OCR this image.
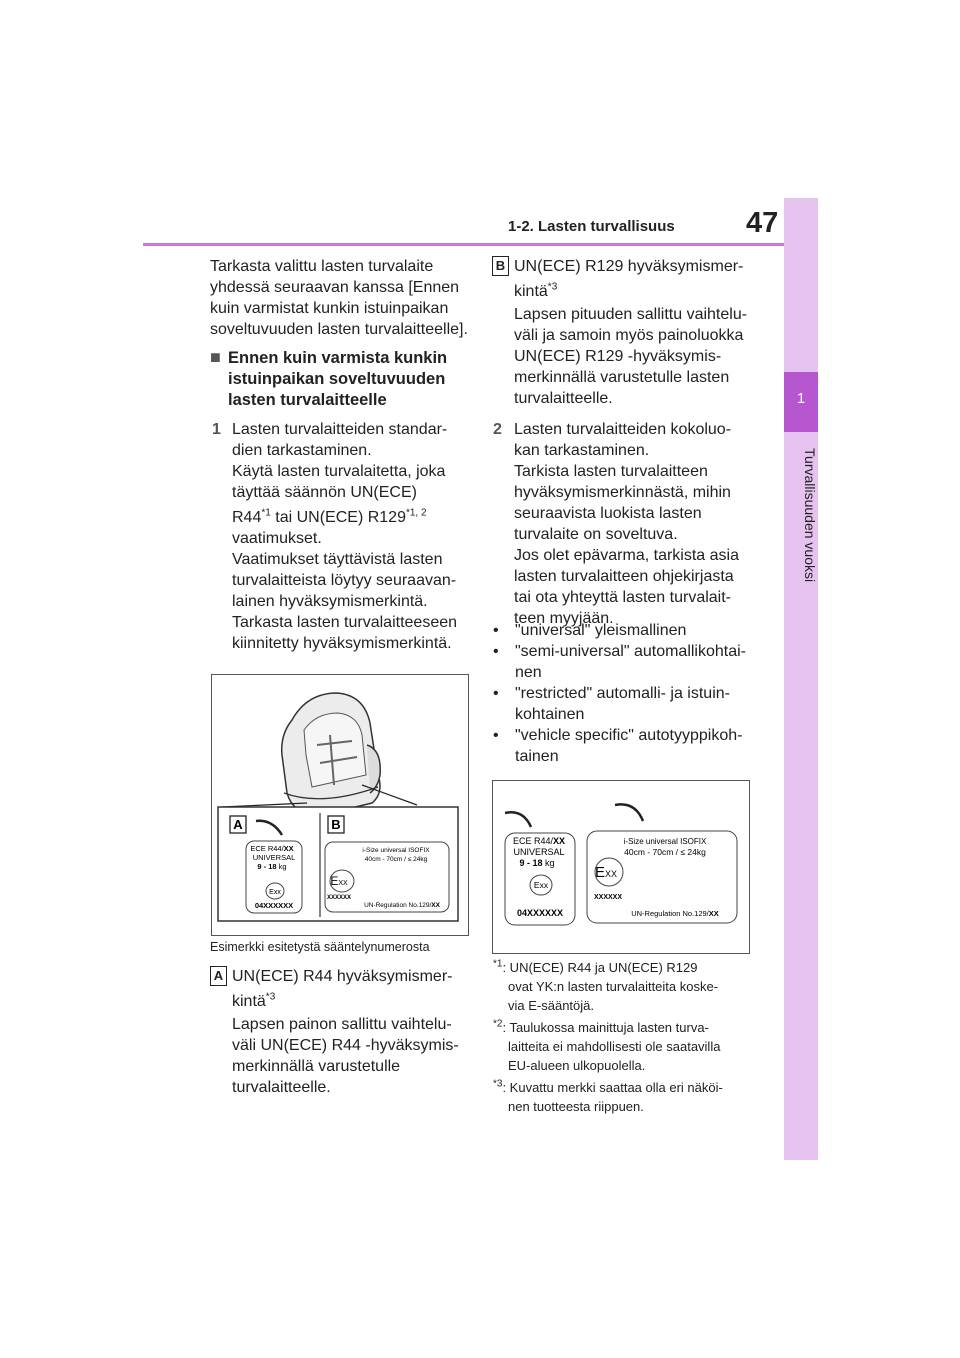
1-2. Lasten turvallisuus 47
1
Turvallisuuden vuoksi
Tarkasta valittu lasten turvalaite
yhdessä seuraavan kanssa [Ennen
kuin varmistat kunkin istuinpaikan
soveltuvuuden lasten turvalaitteelle].
■ Ennen kuin varmista kunkin
istuinpaikan soveltuvuuden
lasten turvalaitteelle
1 Lasten turvalaitteiden standar-
dien tarkastaminen.
Käytä lasten turvalaitetta, joka
täyttää säännön UN(ECE)
R44$^{*1}$ tai UN(ECE) R129$^{*1, 2}$
vaatimukset.
Vaatimukset täyttävistä lasten
turvalaitteista löytyy seuraavan-
lainen hyväksymismerkintä.
Tarkasta lasten turvalaitteeseen
kiinnitetty hyväksymismerkintä.
A	B
ECE R44/XX
UNIVERSAL
9 - 18 kg
Exx
04XXXXXX
i-Size universal ISOFIX
40cm - 70cm / ≤ 24kg
EXX
XXXXXX
UN-Regulation No.129/XX
Esimerkki esitetystä sääntelynumerosta
A UN(ECE) R44 hyväksymismer-
kintä$^{*3}$
Lapsen painon sallittu vaihtelu-
väli UN(ECE) R44 -hyväksymis-
merkinnällä varustetulle
turvalaitteelle.
B UN(ECE) R129 hyväksymismer-
kintä$^{*3}$
Lapsen pituuden sallittu vaihtelu-
väli ja samoin myös painoluokka
UN(ECE) R129 -hyväksymis-
merkinnällä varustetulle lasten
turvalaitteelle.
2 Lasten turvalaitteiden kokoluo-
kan tarkastaminen.
Tarkista lasten turvalaitteen
hyväksymismerkinnästä, mihin
seuraavista luokista lasten
turvalaite on soveltuva.
Jos olet epävarma, tarkista asia
lasten turvalaitteen ohjekirjasta
tai ota yhteyttä lasten turvalait-
teen myyjään.
•	"universal" yleismallinen
•	"semi-universal" automallikohtai-
nen
•	"restricted" automalli- ja istuin-
kohtainen
•	"vehicle specific" autotyyppikoh-
tainen
ECE R44/XX
UNIVERSAL
9 - 18 kg
Exx
04XXXXXX
i-Size universal ISOFIX
40cm - 70cm / ≤ 24kg
EXX
XXXXXX
UN-Regulation No.129/XX
$^{*1}$: UN(ECE) R44 ja UN(ECE) R129
ovat YK:n lasten turvalaitteita koske-
via E-sääntöjä.
$^{*2}$: Taulukossa mainittuja lasten turva-
laitteita ei mahdollisesti ole saatavilla
EU-alueen ulkopuolella.
$^{*3}$: Kuvattu merkki saattaa olla eri näköi-
nen tuotteesta riippuen.
